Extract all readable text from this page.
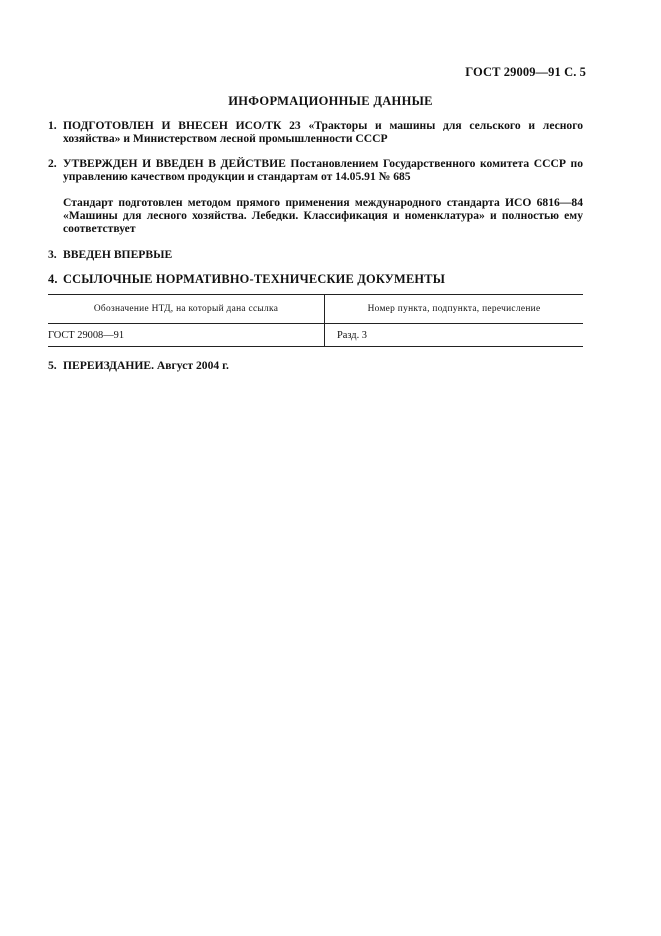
ГОСТ 29009—91 С. 5
ИНФОРМАЦИОННЫЕ ДАННЫЕ
1. ПОДГОТОВЛЕН И ВНЕСЕН ИСО/ТК 23 «Тракторы и машины для сельского и лесного хозяйства» и Министерством лесной промышленности СССР
2. УТВЕРЖДЕН И ВВЕДЕН В ДЕЙСТВИЕ Постановлением Государственного комитета СССР по управлению качеством продукции и стандартам от 14.05.91 № 685
Стандарт подготовлен методом прямого применения международного стандарта ИСО 6816—84 «Машины для лесного хозяйства. Лебедки. Классификация и номенклатура» и полностью ему соответствует
3. ВВЕДЕН ВПЕРВЫЕ
4. ССЫЛОЧНЫЕ НОРМАТИВНО-ТЕХНИЧЕСКИЕ ДОКУМЕНТЫ
Обозначение НТД, на который дана ссылка	Номер пункта, подпункта, перечисление
ГОСТ 29008—91	Разд. 3
5. ПЕРЕИЗДАНИЕ. Август 2004 г.
